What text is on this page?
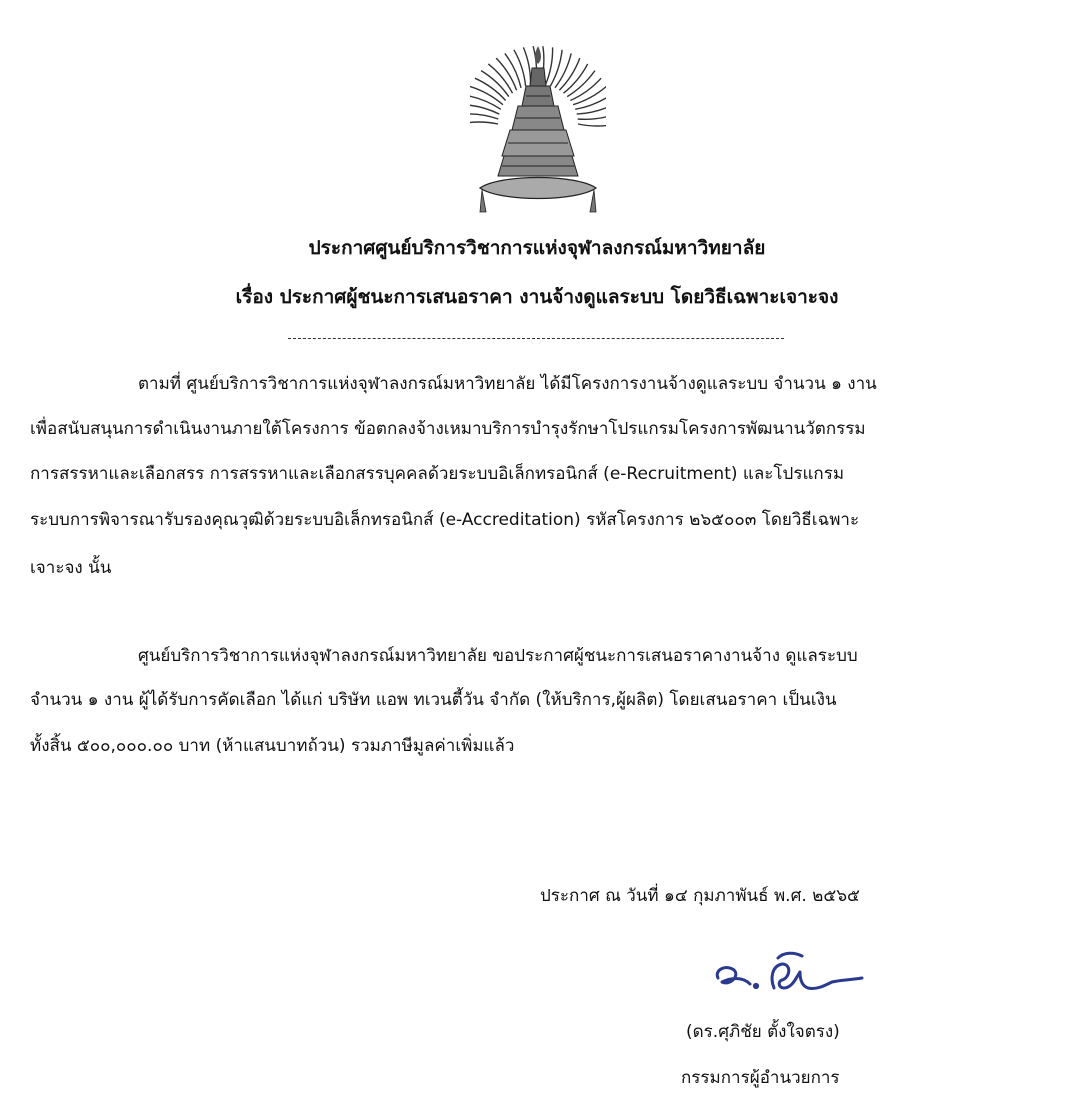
ประกาศศูนย์บริการวิชาการแห่งจุฬาลงกรณ์มหาวิทยาลัย
เรื่อง ประกาศผู้ชนะการเสนอราคา งานจ้างดูแลระบบ โดยวิธีเฉพาะเจาะจง
ตามที่ ศูนย์บริการวิชาการแห่งจุฬาลงกรณ์มหาวิทยาลัย ได้มีโครงการงานจ้างดูแลระบบ จำนวน ๑ งาน
เพื่อสนับสนุนการดำเนินงานภายใต้โครงการ ข้อตกลงจ้างเหมาบริการบำรุงรักษาโปรแกรมโครงการพัฒนานวัตกรรม
การสรรหาและเลือกสรร การสรรหาและเลือกสรรบุคคลด้วยระบบอิเล็กทรอนิกส์ (e-Recruitment) และโปรแกรม
ระบบการพิจารณารับรองคุณวุฒิด้วยระบบอิเล็กทรอนิกส์ (e-Accreditation) รหัสโครงการ ๒๖๕๐๐๓ โดยวิธีเฉพาะ
เจาะจง นั้น
ศูนย์บริการวิชาการแห่งจุฬาลงกรณ์มหาวิทยาลัย ขอประกาศผู้ชนะการเสนอราคางานจ้าง ดูแลระบบ
จำนวน ๑ งาน ผู้ได้รับการคัดเลือก ได้แก่ บริษัท แอพ ทเวนตี้วัน จำกัด (ให้บริการ,ผู้ผลิต) โดยเสนอราคา เป็นเงิน
ทั้งสิ้น ๕๐๐,๐๐๐.๐๐ บาท (ห้าแสนบาทถ้วน) รวมภาษีมูลค่าเพิ่มแล้ว
ประกาศ ณ วันที่ ๑๔ กุมภาพันธ์ พ.ศ. ๒๕๖๕
(ดร.ศุภิชัย ตั้งใจตรง)
กรรมการผู้อำนวยการ
